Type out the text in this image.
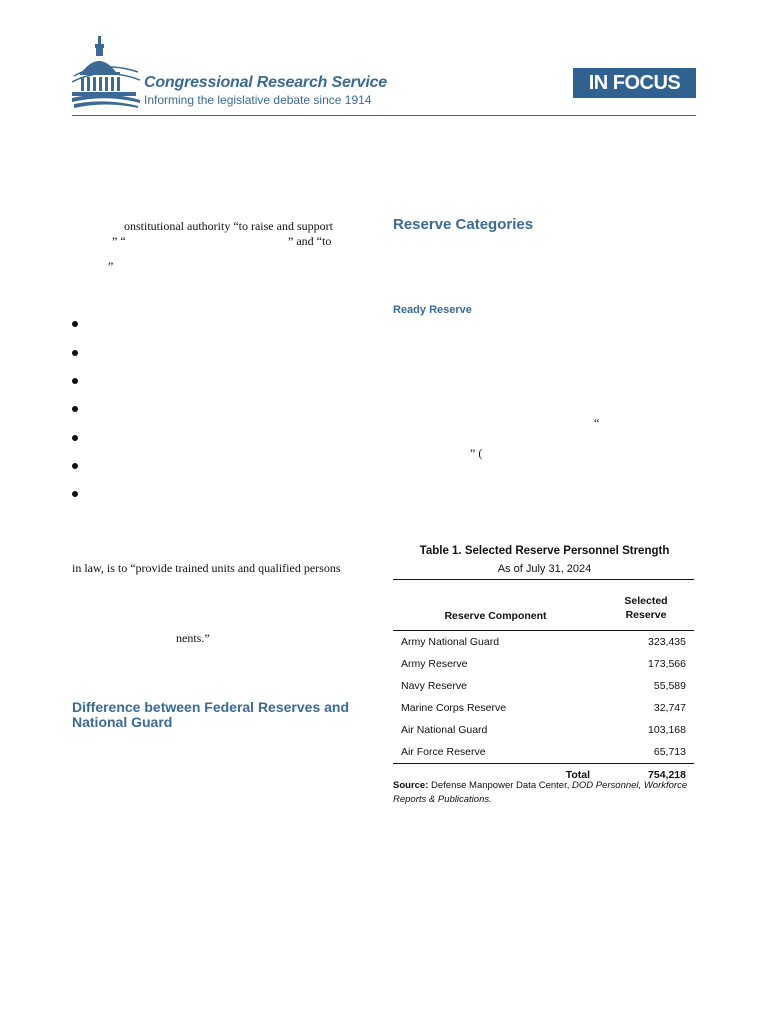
Congressional Research Service
Informing the legislative debate since 1914
IN FOCUS
onstitutional authority “to raise and support
” “	” and “to
”
in law, is to “provide trained units and qualified persons
nents.”
Difference between Federal Reserves and National Guard
Reserve Categories
Ready Reserve
“
” (
Table 1. Selected Reserve Personnel Strength
As of July 31, 2024
Reserve Component	Selected Reserve
Army National Guard	323,435
Army Reserve	173,566
Navy Reserve	55,589
Marine Corps Reserve	32,747
Air National Guard	103,168
Air Force Reserve	65,713
Total	754,218
Source: Defense Manpower Data Center, DOD Personnel, Workforce Reports & Publications.
